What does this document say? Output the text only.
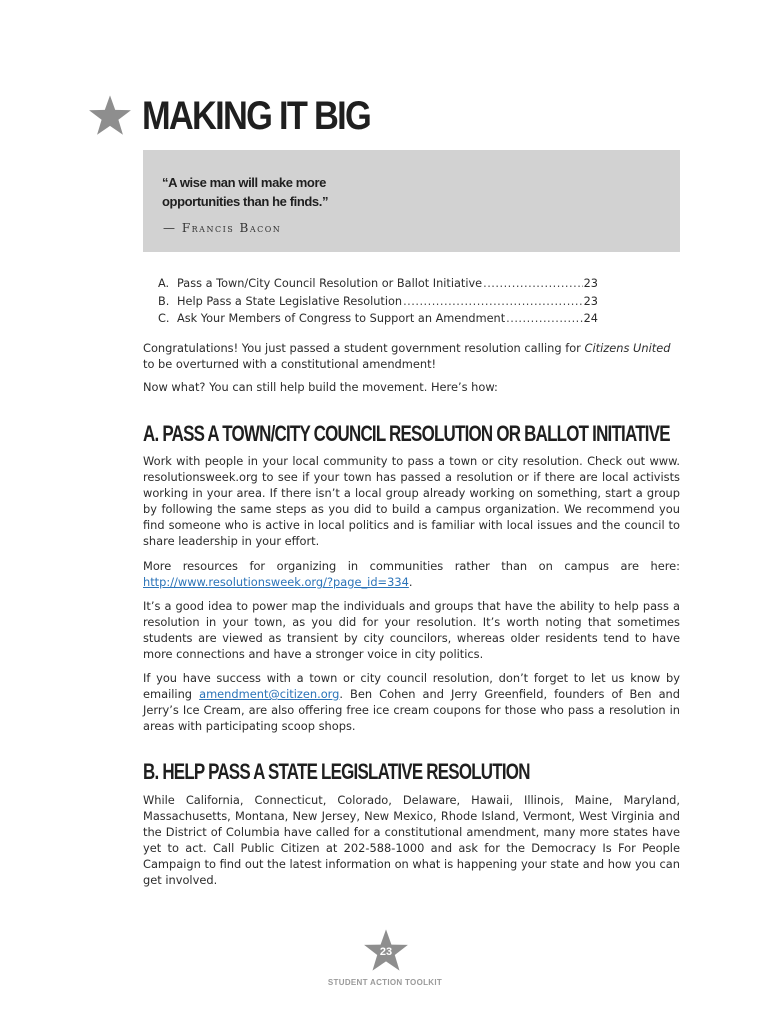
MAKING IT BIG

“A wise man will make more opportunities than he finds.”

— Francis Bacon
A. Pass a Town/City Council Resolution or Ballot Initiative .....	23
B. Help Pass a State Legislative Resolution .....	23
C. Ask Your Members of Congress to Support an Amendment .....	24

Congratulations! You just passed a student government resolution calling for Citizens United to be overturned with a constitutional amendment!

Now what? You can still help build the movement. Here’s how:

A. PASS A TOWN/CITY COUNCIL RESOLUTION OR BALLOT INITIATIVE

Work with people in your local community to pass a town or city resolution. Check out www. resolutionsweek.org to see if your town has passed a resolution or if there are local activists working in your area. If there isn’t a local group already working on something, start a group by following the same steps as you did to build a campus organization. We recommend you find someone who is active in local politics and is familiar with local issues and the council to share leadership in your effort.

More resources for organizing in communities rather than on campus are here:
http://www.resolutionsweek.org/?page_id=334.

It’s a good idea to power map the individuals and groups that have the ability to help pass a resolution in your town, as you did for your resolution. It’s worth noting that sometimes students are viewed as transient by city councilors, whereas older residents tend to have more connections and have a stronger voice in city politics.

If you have success with a town or city council resolution, don’t forget to let us know by emailing amendment@citizen.org. Ben Cohen and Jerry Greenfield, founders of Ben and Jerry’s Ice Cream, are also offering free ice cream coupons for those who pass a resolution in areas with participating scoop shops.

B. HELP PASS A STATE LEGISLATIVE RESOLUTION

While California, Connecticut, Colorado, Delaware, Hawaii, Illinois, Maine, Maryland, Massachusetts, Montana, New Jersey, New Mexico, Rhode Island, Vermont, West Virginia and the District of Columbia have called for a constitutional amendment, many more states have yet to act. Call Public Citizen at 202-588-1000 and ask for the Democracy Is For People Campaign to find out the latest information on what is happening your state and how you can get involved.

23
STUDENT ACTION TOOLKIT
